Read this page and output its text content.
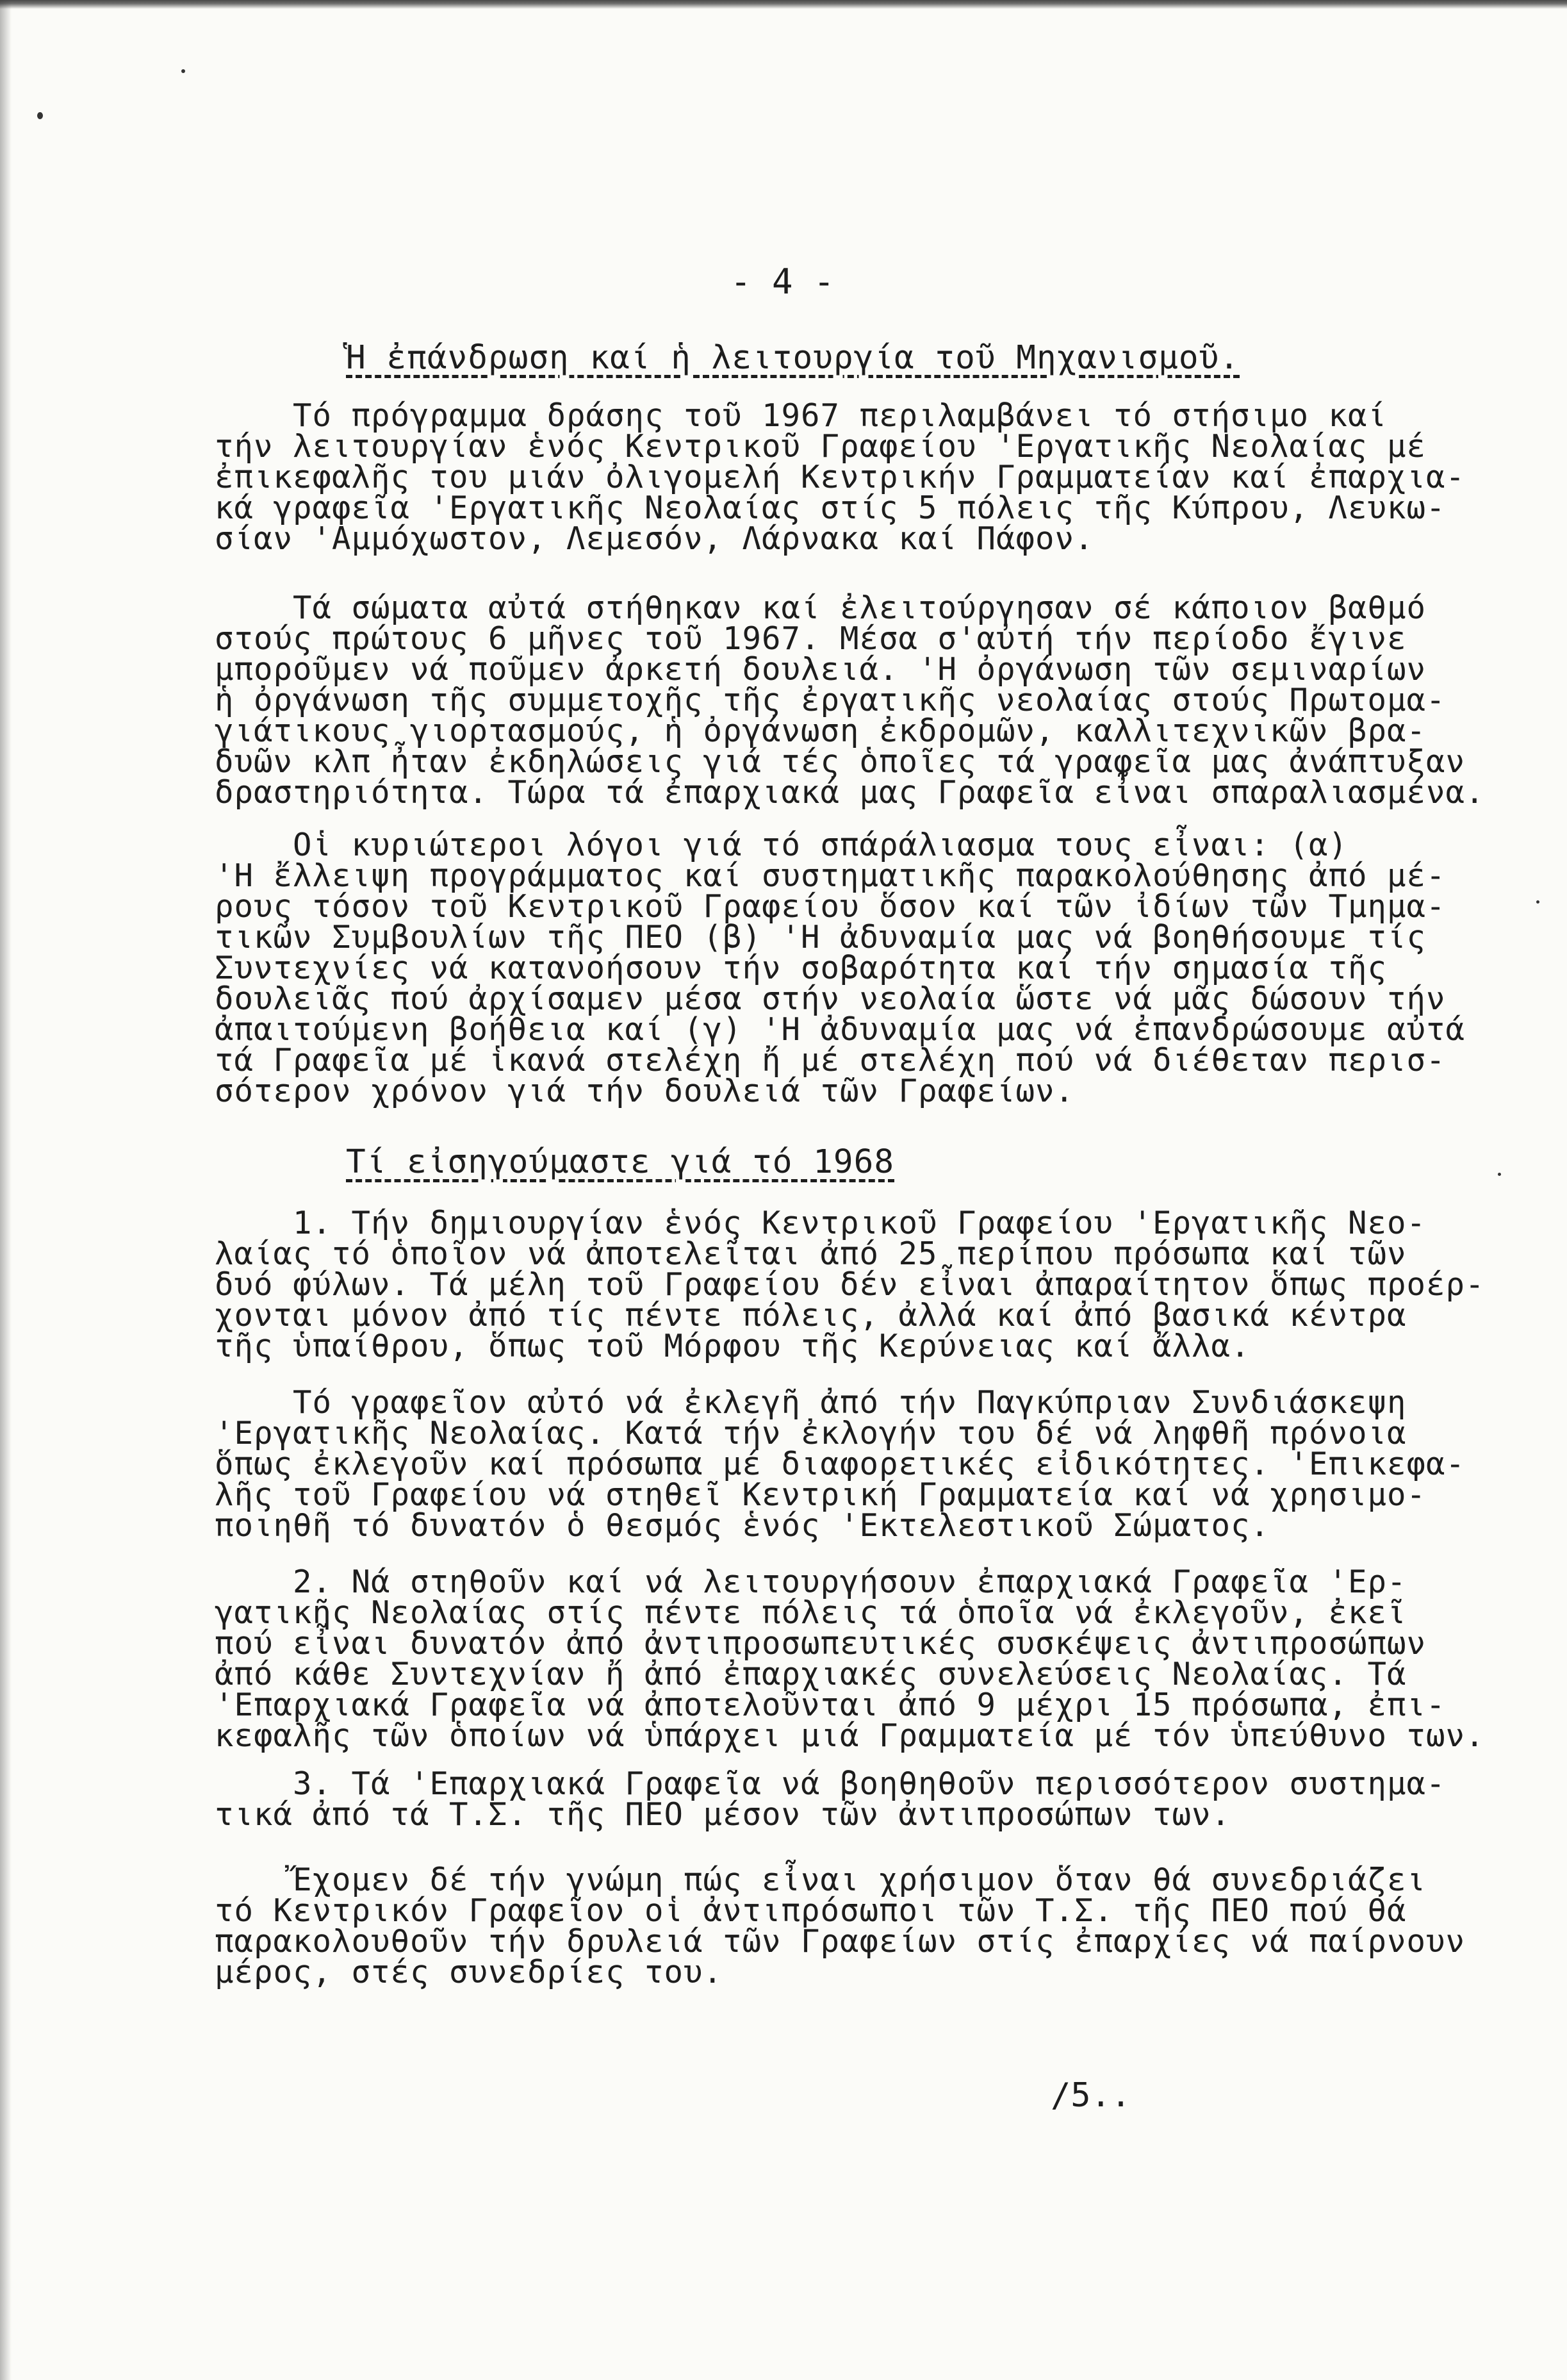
- 4 -
Ἡ ἐπάνδρωση καί ἡ λειτουργία τοῦ Μηχανισμοῦ.
Τό πρόγραμμα δράσης τοῦ 1967 περιλαμβάνει τό στήσιμο καί
τήν λειτουργίαν ἑνός Κεντρικοῦ Γραφείου 'Εργατικῆς Νεολαίας μέ
ἐπικεφαλῆς του μιάν ὀλιγομελή Κεντρικήν Γραμματείαν καί ἐπαρχια-
κά γραφεῖα 'Εργατικῆς Νεολαίας στίς 5 πόλεις τῆς Κύπρου, Λευκω-
σίαν 'Αμμόχωστον, Λεμεσόν, Λάρνακα καί Πάφον.
Τά σώματα αὐτά στήθηκαν καί ἐλειτούργησαν σέ κάποιον βαθμό
στούς πρώτους 6 μῆνες τοῦ 1967. Μέσα σ'αὐτή τήν περίοδο ἔγινε
μποροῦμεν νά ποῦμεν ἀρκετή δουλειά. 'Η ὀργάνωση τῶν σεμιναρίων
ἡ ὀργάνωση τῆς συμμετοχῆς τῆς ἐργατικῆς νεολαίας στούς Πρωτομα-
γιάτικους γιορτασμούς, ἡ ὀργάνωση ἐκδρομῶν, καλλιτεχνικῶν βρα-
δυῶν κλπ ἦταν ἐκδηλώσεις γιά τές ὁποῖες τά γραφεῖα μας ἀνάπτυξαν
δραστηριότητα. Τώρα τά ἐπαρχιακά μας Γραφεῖα εἶναι σπαραλιασμένα.
Οἱ κυριώτεροι λόγοι γιά τό σπάράλιασμα τους εἶναι: (α)
'Η ἔλλειψη προγράμματος καί συστηματικῆς παρακολούθησης ἀπό μέ-
ρους τόσον τοῦ Κεντρικοῦ Γραφείου ὅσον καί τῶν ἰδίων τῶν Τμημα-
τικῶν Συμβουλίων τῆς ΠΕΟ (β) 'Η ἀδυναμία μας νά βοηθήσουμε τίς
Συντεχνίες νά κατανοήσουν τήν σοβαρότητα καί τήν σημασία τῆς
δουλειᾶς πού ἀρχίσαμεν μέσα στήν νεολαία ὥστε νά μᾶς δώσουν τήν
ἀπαιτούμενη βοήθεια καί (γ) 'Η ἀδυναμία μας νά ἐπανδρώσουμε αὐτά
τά Γραφεῖα μέ ἱκανά στελέχη ἤ μέ στελέχη πού νά διέθεταν περισ-
σότερον χρόνον γιά τήν δουλειά τῶν Γραφείων.
Τί εἰσηγούμαστε γιά τό 1968
1. Τήν δημιουργίαν ἑνός Κεντρικοῦ Γραφείου 'Εργατικῆς Νεο-
λαίας τό ὁποῖον νά ἀποτελεῖται ἀπό 25 περίπου πρόσωπα καί τῶν
δυό φύλων. Τά μέλη τοῦ Γραφείου δέν εἶναι ἀπαραίτητον ὅπως προέρ-
χονται μόνον ἀπό τίς πέντε πόλεις, ἀλλά καί ἀπό βασικά κέντρα
τῆς ὑπαίθρου, ὅπως τοῦ Μόρφου τῆς Κερύνειας καί ἄλλα.
Τό γραφεῖον αὐτό νά ἐκλεγῆ ἀπό τήν Παγκύπριαν Συνδιάσκεψη
'Εργατικῆς Νεολαίας. Κατά τήν ἐκλογήν του δέ νά ληφθῆ πρόνοια
ὅπως ἐκλεγοῦν καί πρόσωπα μέ διαφορετικές εἰδικότητες. 'Επικεφα-
λῆς τοῦ Γραφείου νά στηθεῖ Κεντρική Γραμματεία καί νά χρησιμο-
ποιηθῆ τό δυνατόν ὁ θεσμός ἑνός 'Εκτελεστικοῦ Σώματος.
2. Νά στηθοῦν καί νά λειτουργήσουν ἐπαρχιακά Γραφεῖα 'Ερ-
γατικῆς Νεολαίας στίς πέντε πόλεις τά ὁποῖα νά ἐκλεγοῦν, ἐκεῖ
πού εἶναι δυνατόν ἀπό ἀντιπροσωπευτικές συσκέψεις ἀντιπροσώπων
ἀπό κάθε Συντεχνίαν ἤ ἀπό ἐπαρχιακές συνελεύσεις Νεολαίας. Τά
'Επαρχιακά Γραφεῖα νά ἀποτελοῦνται ἀπό 9 μέχρι 15 πρόσωπα, ἐπι-
κεφαλῆς τῶν ὁποίων νά ὑπάρχει μιά Γραμματεία μέ τόν ὑπεύθυνο των.
3. Τά 'Επαρχιακά Γραφεῖα νά βοηθηθοῦν περισσότερον συστημα-
τικά ἀπό τά Τ.Σ. τῆς ΠΕΟ μέσον τῶν ἀντιπροσώπων των.
Ἔχομεν δέ τήν γνώμη πώς εἶναι χρήσιμον ὅταν θά συνεδριάζει
τό Κεντρικόν Γραφεῖον οἱ ἀντιπρόσωποι τῶν Τ.Σ. τῆς ΠΕΟ πού θά
παρακολουθοῦν τήν δρυλειά τῶν Γραφείων στίς ἐπαρχίες νά παίρνουν
μέρος, στές συνεδρίες του.
/5..
